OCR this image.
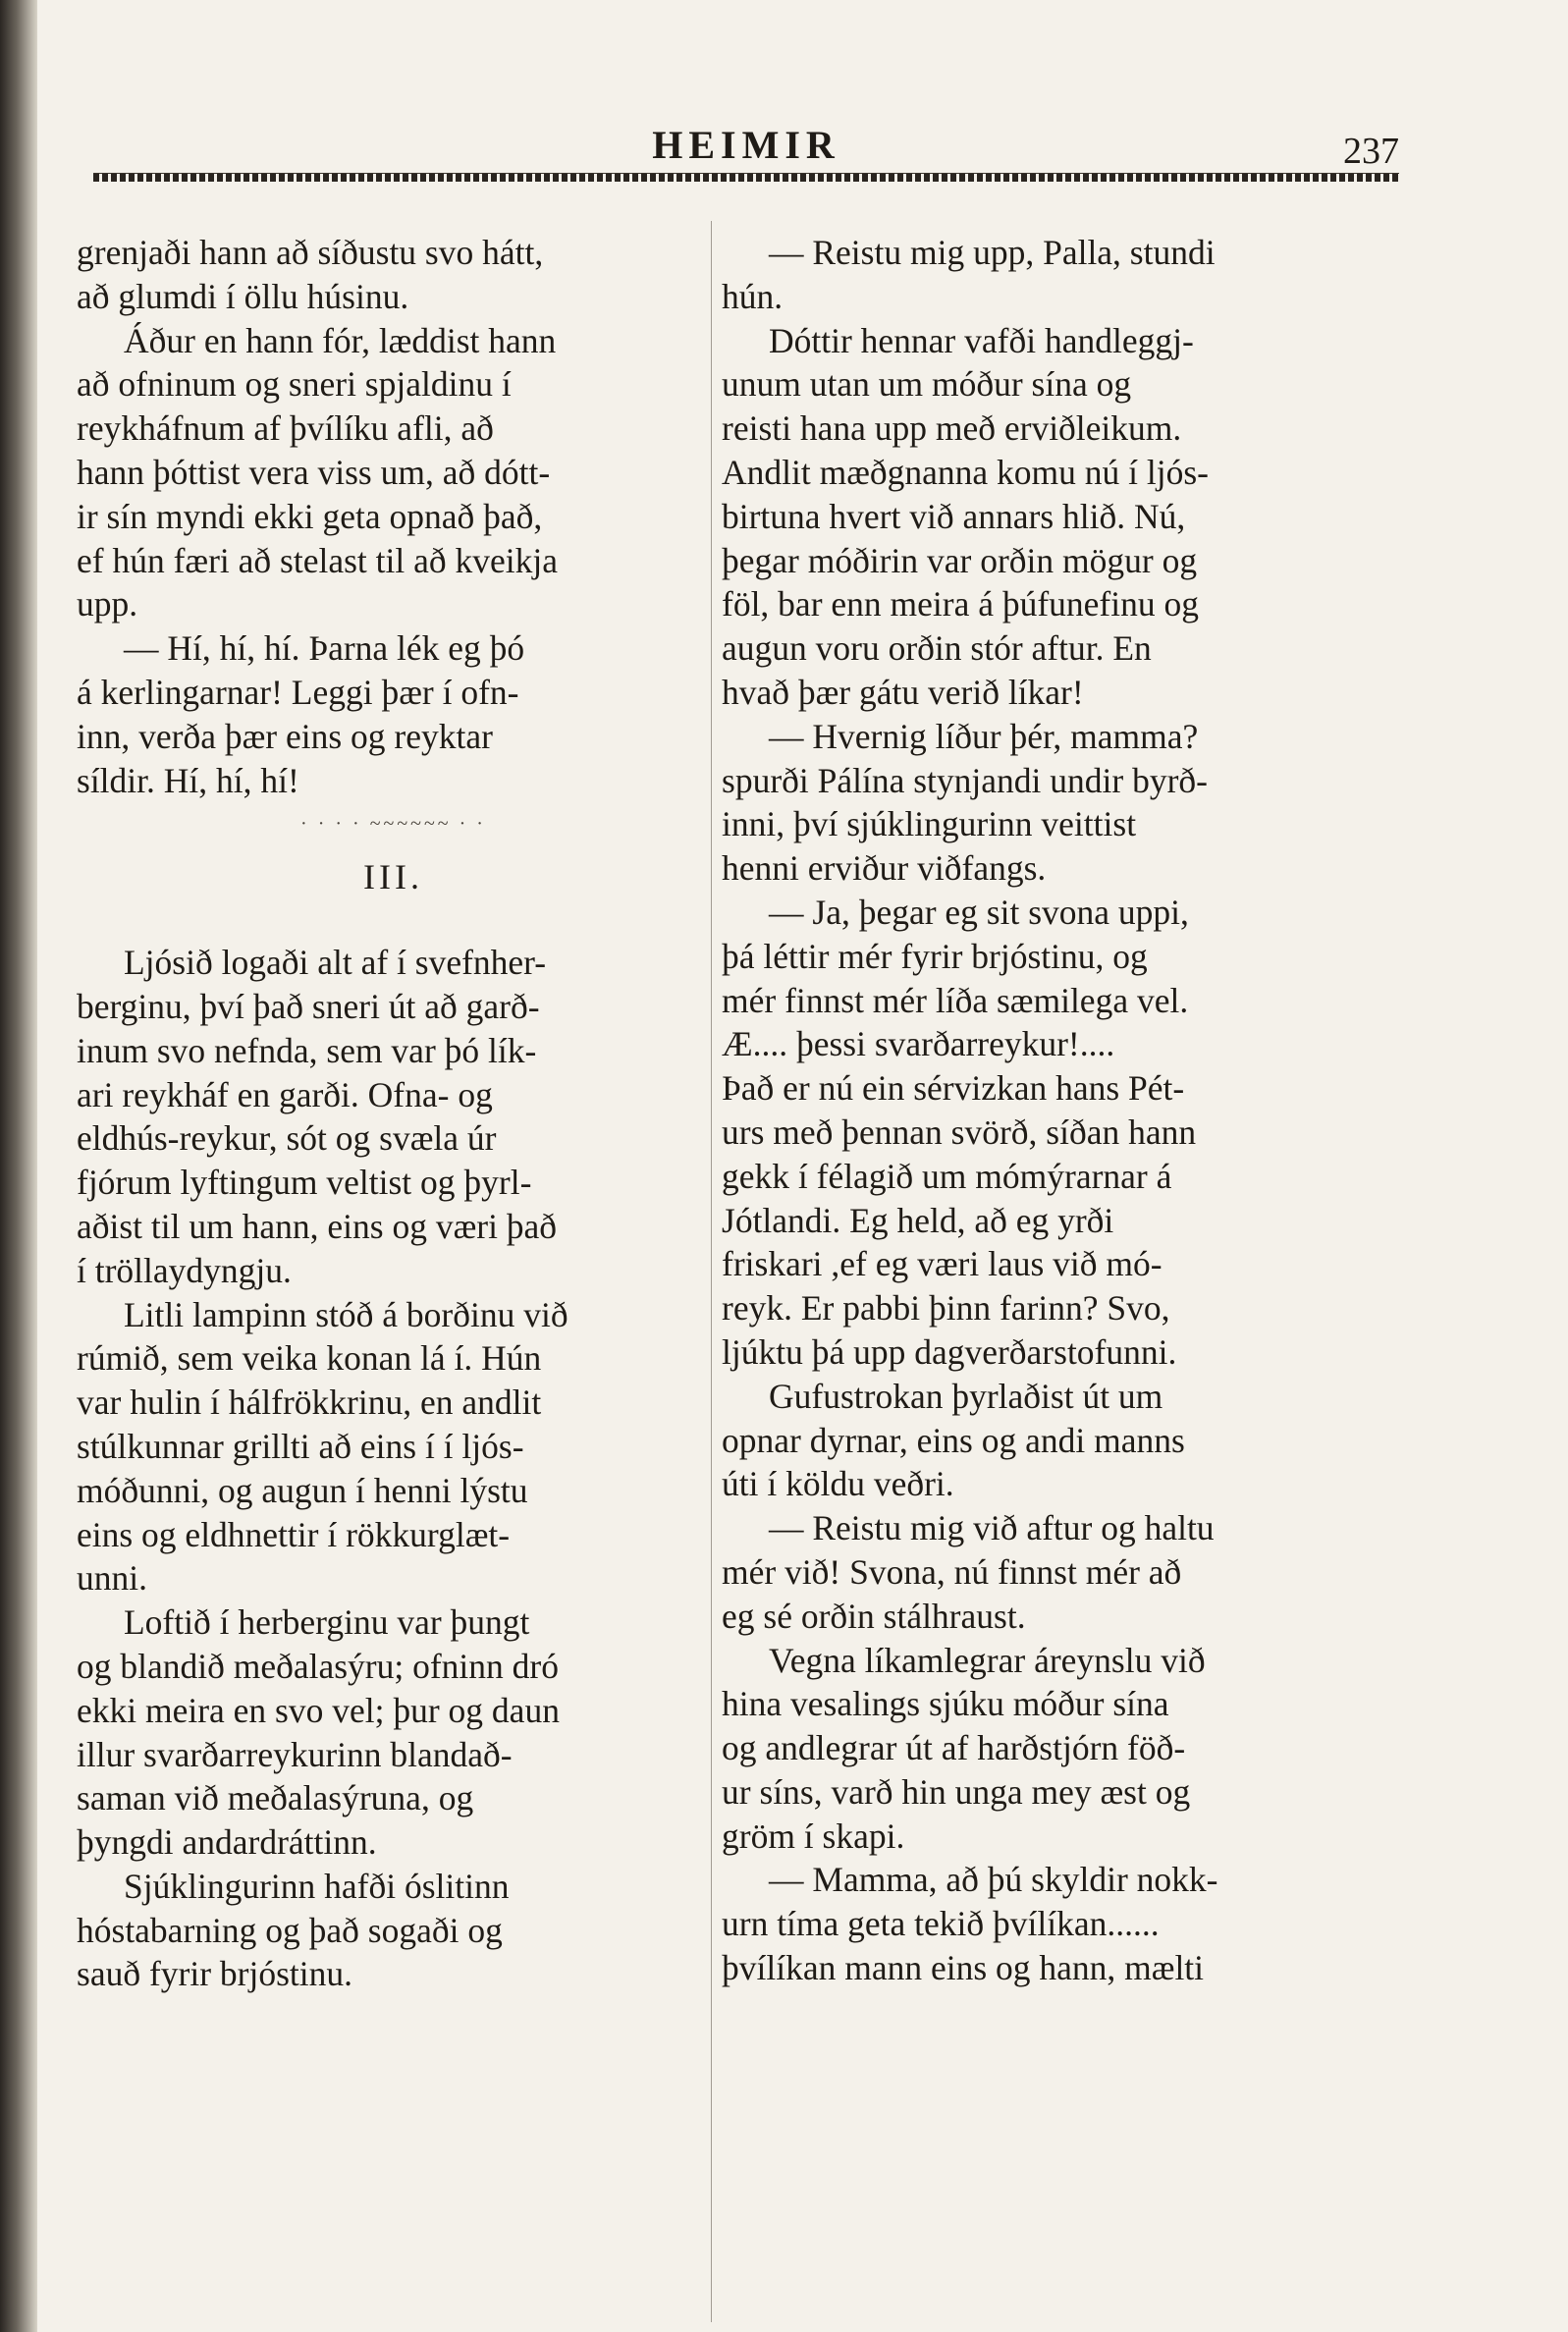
HEIMIR	237
grenjaði hann að síðustu svo hátt,
að glumdi í öllu húsinu.
Áður en hann fór, læddist hann
að ofninum og sneri spjaldinu í
reykháfnum af þvílíku afli, að
hann þóttist vera viss um, að dótt-
ir sín myndi ekki geta opnað það,
ef hún færi að stelast til að kveikja
upp.
— Hí, hí, hí. Þarna lék eg þó
á kerlingarnar! Leggi þær í ofn-
inn, verða þær eins og reyktar
síldir. Hí, hí, hí!
· · · · ~~~~~~ · ·
III.
Ljósið logaði alt af í svefnher-
berginu, því það sneri út að garð-
inum svo nefnda, sem var þó lík-
ari reykháf en garði. Ofna- og
eldhús-reykur, sót og svæla úr
fjórum lyftingum veltist og þyrl-
aðist til um hann, eins og væri það
í tröllaydyngju.
Litli lampinn stóð á borðinu við
rúmið, sem veika konan lá í. Hún
var hulin í hálfrökkrinu, en andlit
stúlkunnar grillti að eins í í ljós-
móðunni, og augun í henni lýstu
eins og eldhnettir í rökkurglæt-
unni.
Loftið í herberginu var þungt
og blandið meðalasýru; ofninn dró
ekki meira en svo vel; þur og daun
illur svarðarreykurinn blandað-
saman við meðalasýruna, og
þyngdi andardráttinn.
Sjúklingurinn hafði óslitinn
hóstabarning og það sogaði og
sauð fyrir brjóstinu.
— Reistu mig upp, Palla, stundi
hún.
Dóttir hennar vafði handleggj-
unum utan um móður sína og
reisti hana upp með erviðleikum.
Andlit mæðgnanna komu nú í ljós-
birtuna hvert við annars hlið. Nú,
þegar móðirin var orðin mögur og
föl, bar enn meira á þúfunefinu og
augun voru orðin stór aftur. En
hvað þær gátu verið líkar!
— Hvernig líður þér, mamma?
spurði Pálína stynjandi undir byrð-
inni, því sjúklingurinn veittist
henni erviður viðfangs.
— Ja, þegar eg sit svona uppi,
þá léttir mér fyrir brjóstinu, og
mér finnst mér líða sæmilega vel.
Æ.... þessi svarðarreykur!....
Það er nú ein sérvizkan hans Pét-
urs með þennan svörð, síðan hann
gekk í félagið um mómýrarnar á
Jótlandi. Eg held, að eg yrði
friskari ,ef eg væri laus við mó-
reyk. Er pabbi þinn farinn? Svo,
ljúktu þá upp dagverðarstofunni.
Gufustrokan þyrlaðist út um
opnar dyrnar, eins og andi manns
úti í köldu veðri.
— Reistu mig við aftur og haltu
mér við! Svona, nú finnst mér að
eg sé orðin stálhraust.
Vegna líkamlegrar áreynslu við
hina vesalings sjúku móður sína
og andlegrar út af harðstjórn föð-
ur síns, varð hin unga mey æst og
gröm í skapi.
— Mamma, að þú skyldir nokk-
urn tíma geta tekið þvílíkan......
þvílíkan mann eins og hann, mælti
